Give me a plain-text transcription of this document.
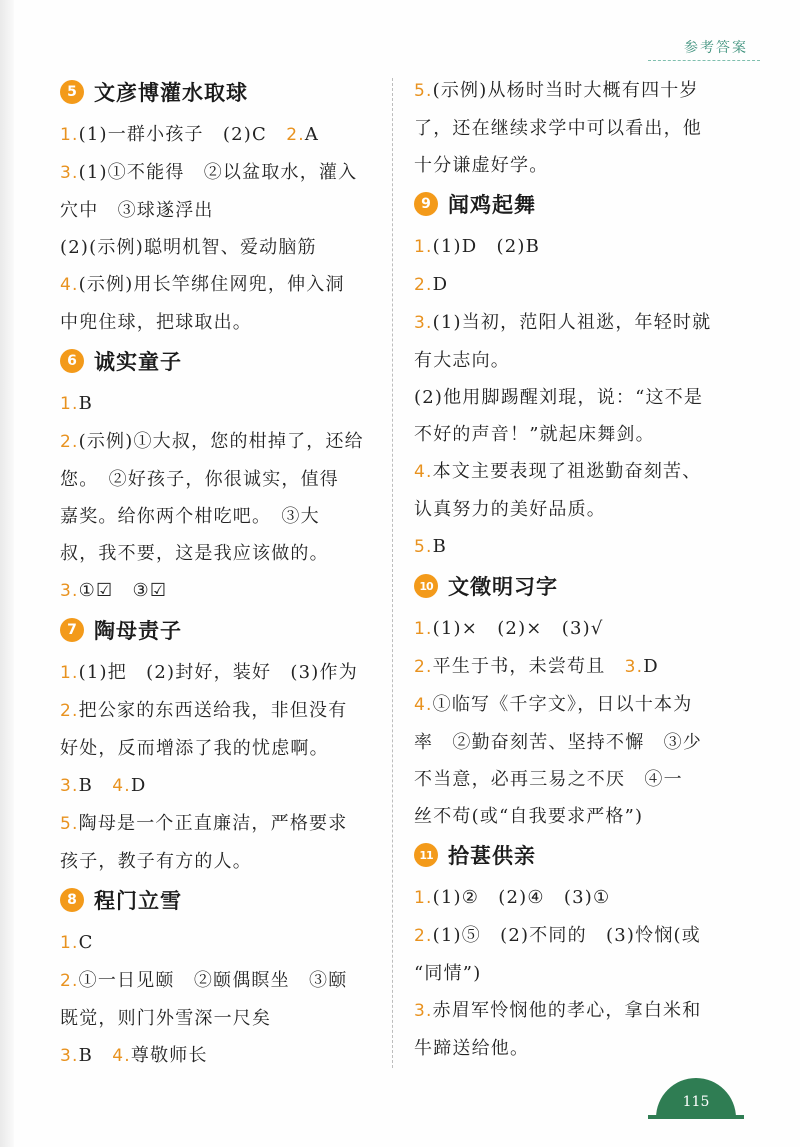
参考答案
5 文彦博灌水取球
1.(1)一群小孩子　(2)C　2.A
3.(1)①不能得　②以盆取水，灌入
穴中　③球遂浮出
(2)(示例)聪明机智、爱动脑筋
4.(示例)用长竿绑住网兜，伸入洞
中兜住球，把球取出。
6 诚实童子
1.B
2.(示例)①大叔，您的柑掉了，还给
您。　②好孩子，你很诚实，值得
嘉奖。给你两个柑吃吧。　③大
叔，我不要，这是我应该做的。
3.①☑　③☑
7 陶母责子
1.(1)把　(2)封好，装好　(3)作为
2.把公家的东西送给我，非但没有
好处，反而增添了我的忧虑啊。
3.B　4.D
5.陶母是一个正直廉洁，严格要求
孩子，教子有方的人。
8 程门立雪
1.C
2.①一日见颐　②颐偶瞑坐　③颐
既觉，则门外雪深一尺矣
3.B　4.尊敬师长
5.(示例)从杨时当时大概有四十岁
了，还在继续求学中可以看出，他
十分谦虚好学。
9 闻鸡起舞
1.(1)D　(2)B
2.D
3.(1)当初，范阳人祖逖，年轻时就
有大志向。
(2)他用脚踢醒刘琨，说：“这不是
不好的声音！”就起床舞剑。
4.本文主要表现了祖逖勤奋刻苦、
认真努力的美好品质。
5.B
10 文徵明习字
1.(1)×　(2)×　(3)√
2.平生于书，未尝苟且　3.D
4.①临写《千字文》，日以十本为
率　②勤奋刻苦、坚持不懈　③少
不当意，必再三易之不厌　④一
丝不苟(或“自我要求严格”)
11 拾葚供亲
1.(1)②　(2)④　(3)①
2.(1)⑤　(2)不同的　(3)怜悯(或
“同情”)
3.赤眉军怜悯他的孝心，拿白米和
牛蹄送给他。
115
